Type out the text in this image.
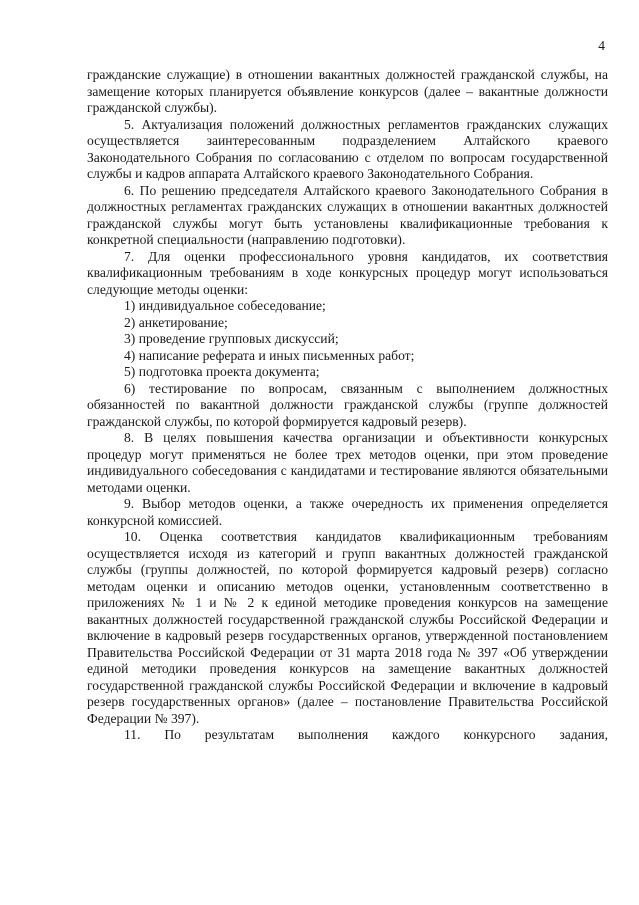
4

гражданские служащие) в отношении вакантных должностей гражданской службы, на замещение которых планируется объявление конкурсов (далее – вакантные должности гражданской службы).

5. Актуализация положений должностных регламентов гражданских служащих осуществляется заинтересованным подразделением Алтайского краевого Законодательного Собрания по согласованию с отделом по вопросам государственной службы и кадров аппарата Алтайского краевого Законодательного Собрания.

6. По решению председателя Алтайского краевого Законодательного Собрания в должностных регламентах гражданских служащих в отношении вакантных должностей гражданской службы могут быть установлены квалификационные требования к конкретной специальности (направлению подготовки).

7. Для оценки профессионального уровня кандидатов, их соответствия квалификационным требованиям в ходе конкурсных процедур могут использоваться следующие методы оценки:

1) индивидуальное собеседование;

2) анкетирование;

3) проведение групповых дискуссий;

4) написание реферата и иных письменных работ;

5) подготовка проекта документа;

6) тестирование по вопросам, связанным с выполнением должностных обязанностей по вакантной должности гражданской службы (группе должностей гражданской службы, по которой формируется кадровый резерв).

8. В целях повышения качества организации и объективности конкурсных процедур могут применяться не более трех методов оценки, при этом проведение индивидуального собеседования с кандидатами и тестирование являются обязательными методами оценки.

9. Выбор методов оценки, а также очередность их применения определяется конкурсной комиссией.

10. Оценка соответствия кандидатов квалификационным требованиям осуществляется исходя из категорий и групп вакантных должностей гражданской службы (группы должностей, по которой формируется кадровый резерв) согласно методам оценки и описанию методов оценки, установленным соответственно в приложениях № 1 и № 2 к единой методике проведения конкурсов на замещение вакантных должностей государственной гражданской службы Российской Федерации и включение в кадровый резерв государственных органов, утвержденной постановлением Правительства Российской Федерации от 31 марта 2018 года № 397 «Об утверждении единой методики проведения конкурсов на замещение вакантных должностей государственной гражданской службы Российской Федерации и включение в кадровый резерв государственных органов» (далее – постановление Правительства Российской Федерации № 397).

11. По результатам выполнения каждого конкурсного задания,
